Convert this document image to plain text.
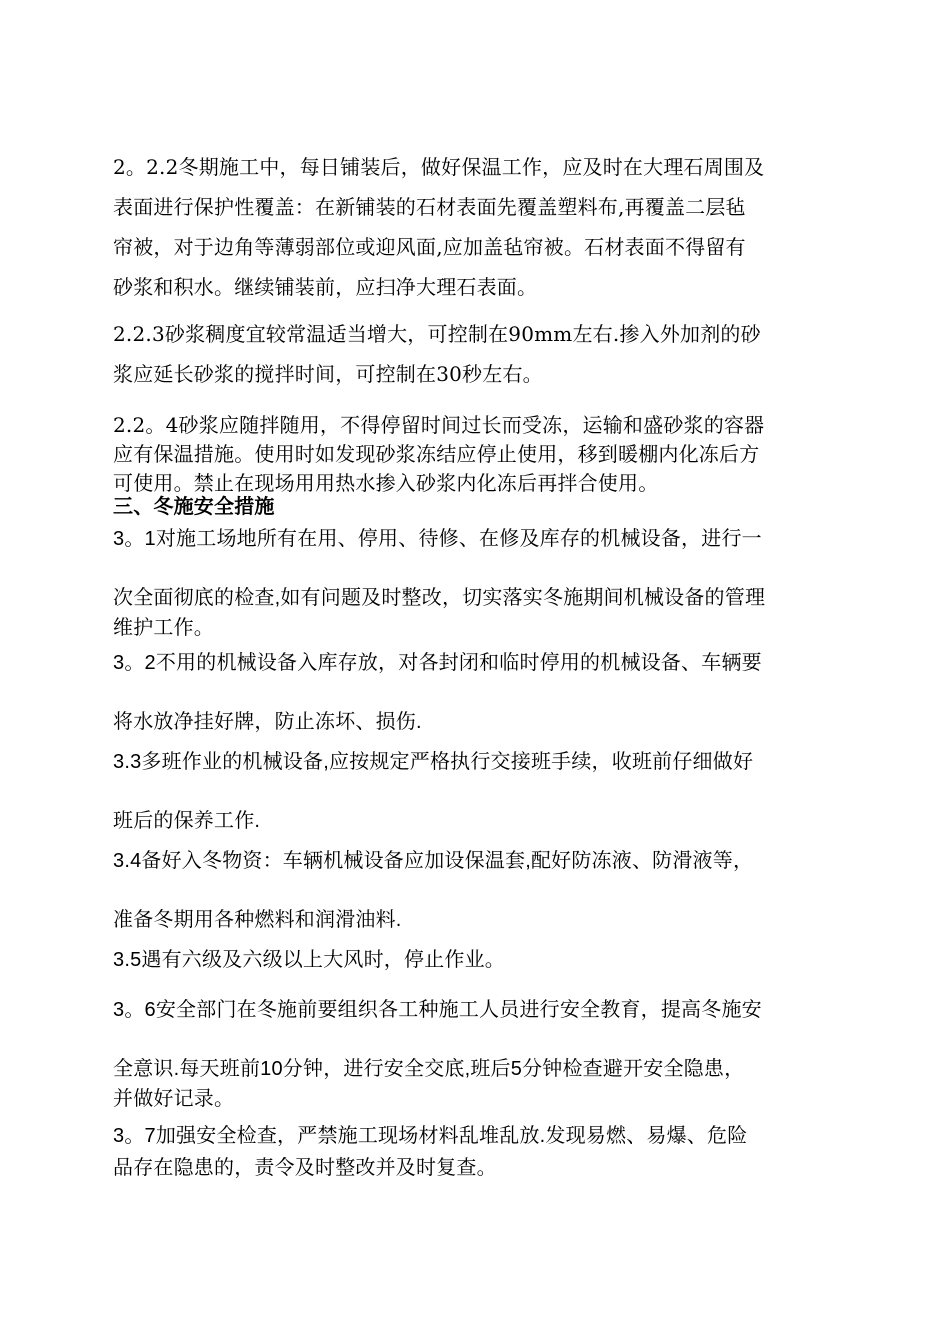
2。2.2冬期施工中，每日铺装后，做好保温工作，应及时在大理石周围及
表面进行保护性覆盖：在新铺装的石材表面先覆盖塑料布,再覆盖二层毡
帘被，对于边角等薄弱部位或迎风面,应加盖毡帘被。石材表面不得留有
砂浆和积水。继续铺装前，应扫净大理石表面。
2.2.3砂浆稠度宜较常温适当增大，可控制在90mm左右.掺入外加剂的砂
浆应延长砂浆的搅拌时间，可控制在30秒左右。
2.2。4砂浆应随拌随用，不得停留时间过长而受冻，运输和盛砂浆的容器
应有保温措施。使用时如发现砂浆冻结应停止使用，移到暖棚内化冻后方
可使用。禁止在现场用用热水掺入砂浆内化冻后再拌合使用。
三、冬施安全措施
3。1对施工场地所有在用、停用、待修、在修及库存的机械设备，进行一
次全面彻底的检查,如有问题及时整改，切实落实冬施期间机械设备的管理
维护工作。
3。2不用的机械设备入库存放，对各封闭和临时停用的机械设备、车辆要
将水放净挂好牌，防止冻坏、损伤.
3.3多班作业的机械设备,应按规定严格执行交接班手续，收班前仔细做好
班后的保养工作.
3.4备好入冬物资：车辆机械设备应加设保温套,配好防冻液、防滑液等，
准备冬期用各种燃料和润滑油料.
3.5遇有六级及六级以上大风时，停止作业。
3。6安全部门在冬施前要组织各工种施工人员进行安全教育，提高冬施安
全意识.每天班前10分钟，进行安全交底,班后5分钟检查避开安全隐患，
并做好记录。
3。7加强安全检查，严禁施工现场材料乱堆乱放.发现易燃、易爆、危险
品存在隐患的，责令及时整改并及时复查。
